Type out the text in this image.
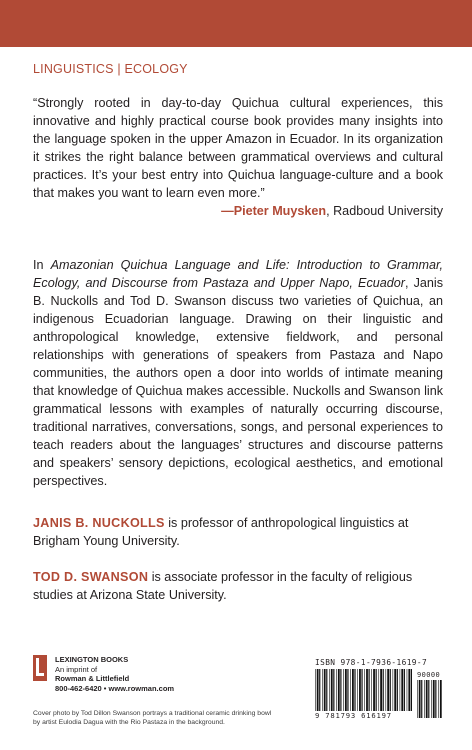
LINGUISTICS | ECOLOGY
“Strongly rooted in day-to-day Quichua cultural experiences, this innovative and highly practical course book provides many insights into the language spoken in the upper Amazon in Ecuador. In its organization it strikes the right balance between grammatical overviews and cultural practices. It’s your best entry into Quichua language-culture and a book that makes you want to learn even more.”
—Pieter Muysken, Radboud University
In Amazonian Quichua Language and Life: Introduction to Grammar, Ecology, and Discourse from Pastaza and Upper Napo, Ecuador, Janis B. Nuckolls and Tod D. Swanson discuss two varieties of Quichua, an indigenous Ecuadorian language. Drawing on their linguistic and anthropological knowledge, extensive fieldwork, and personal relationships with generations of speakers from Pastaza and Napo communities, the authors open a door into worlds of intimate meaning that knowledge of Quichua makes accessible. Nuckolls and Swanson link grammatical lessons with examples of naturally occurring discourse, traditional narratives, conversations, songs, and personal experiences to teach readers about the languages’ structures and discourse patterns and speakers’ sensory depictions, ecological aesthetics, and emotional perspectives.
JANIS B. NUCKOLLS is professor of anthropological linguistics at Brigham Young University.
TOD D. SWANSON is associate professor in the faculty of religious studies at Arizona State University.
LEXINGTON BOOKS
An imprint of
Rowman & Littlefield
800-462-6420 • www.rowman.com
Cover photo by Tod Dillon Swanson portrays a traditional ceramic drinking bowl
by artist Eulodia Dagua with the Rio Pastaza in the background.
ISBN 978-1-7936-1619-7
9 781793 616197
90000
